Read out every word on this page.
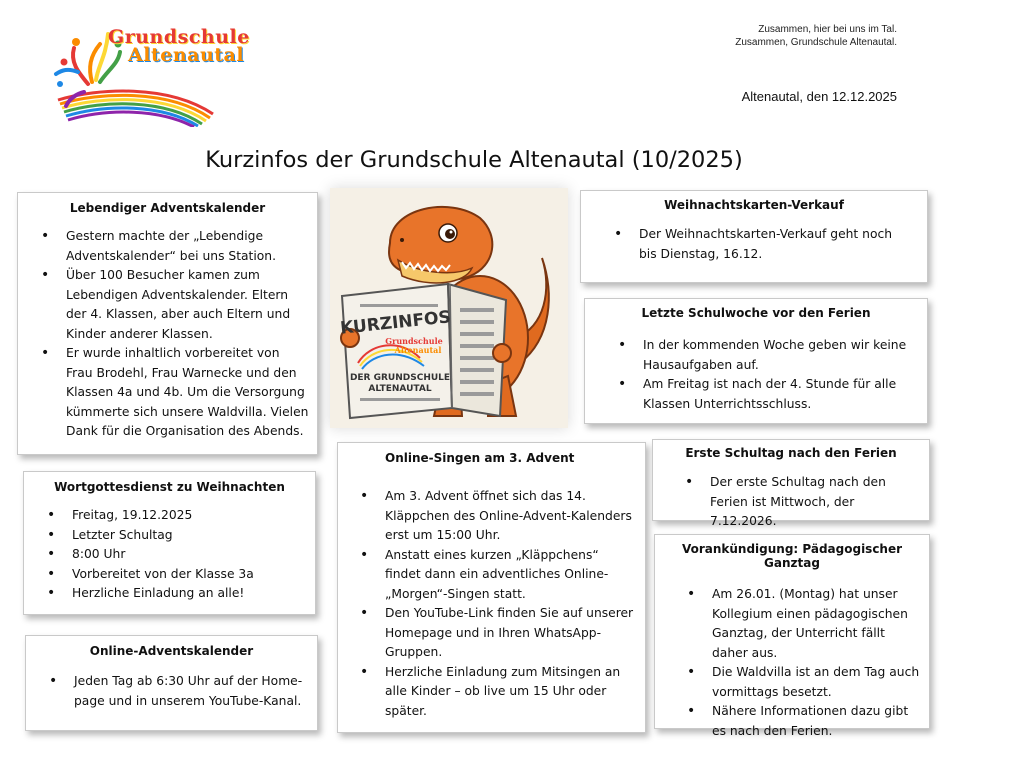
Grundschule
Altenautal
Zusammen, hier bei uns im Tal.
Zusammen, Grundschule Altenautal.
Altenautal, den 12.12.2025
Kurzinfos der Grundschule Altenautal (10/2025)
KURZINFOS
Grundschule
Altenautal
DER GRUNDSCHULE
ALTENAUTAL
Lebendiger Adventskalender
• Gestern machte der „Lebendige Adventskalender“ bei uns Station.
• Über 100 Besucher kamen zum Lebendigen Adventskalender. Eltern der 4. Klassen, aber auch Eltern und Kinder anderer Klassen.
• Er wurde inhaltlich vorbereitet von Frau Brodehl, Frau Warnecke und den Klassen 4a und 4b. Um die Versorgung kümmerte sich unsere Waldvilla. Vielen Dank für die Organisation des Abends.
Wortgottesdienst zu Weihnachten
• Freitag, 19.12.2025
• Letzter Schultag
• 8:00 Uhr
• Vorbereitet von der Klasse 3a
• Herzliche Einladung an alle!
Online-Adventskalender
• Jeden Tag ab 6:30 Uhr auf der Home-page und in unserem YouTube-Kanal.
Online-Singen am 3. Advent
• Am 3. Advent öffnet sich das 14. Kläppchen des Online-Advent-Kalenders erst um 15:00 Uhr.
• Anstatt eines kurzen „Kläppchens“ findet dann ein adventliches Online-„Morgen“-Singen statt.
• Den YouTube-Link finden Sie auf unserer Homepage und in Ihren WhatsApp-Gruppen.
• Herzliche Einladung zum Mitsingen an alle Kinder – ob live um 15 Uhr oder später.
Weihnachtskarten-Verkauf
• Der Weihnachtskarten-Verkauf geht noch bis Dienstag, 16.12.
Letzte Schulwoche vor den Ferien
• In der kommenden Woche geben wir keine Hausaufgaben auf.
• Am Freitag ist nach der 4. Stunde für alle Klassen Unterrichtsschluss.
Erste Schultag nach den Ferien
• Der erste Schultag nach den Ferien ist Mittwoch, der 7.12.2026.
Vorankündigung: Pädagogischer Ganztag
• Am 26.01. (Montag) hat unser Kollegium einen pädagogischen Ganztag, der Unterricht fällt daher aus.
• Die Waldvilla ist an dem Tag auch vormittags besetzt.
• Nähere Informationen dazu gibt es nach den Ferien.
